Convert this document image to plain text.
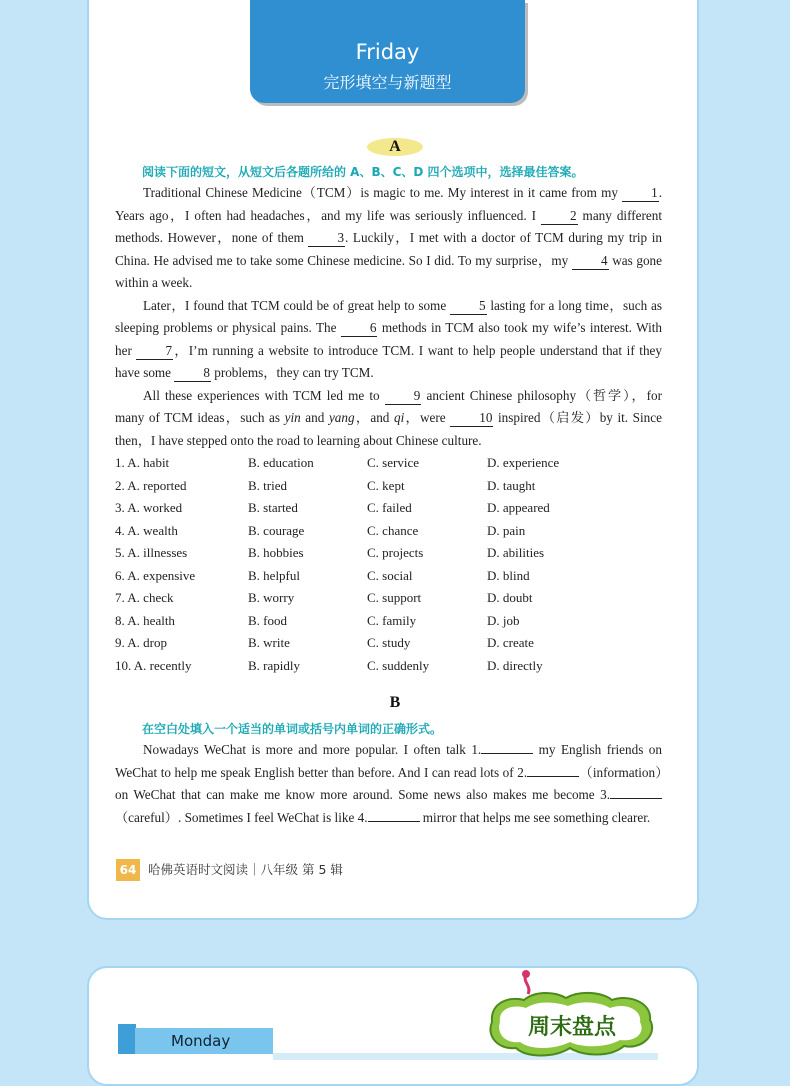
Friday
完形填空与新题型
A
阅读下面的短文，从短文后各题所给的 A、B、C、D 四个选项中，选择最佳答案。

Traditional Chinese Medicine（TCM）is magic to me. My interest in it came from my 1. Years ago，I often had headaches，and my life was seriously influenced. I 2 many different methods. However，none of them 3. Luckily，I met with a doctor of TCM during my trip in China. He advised me to take some Chinese medicine. So I did. To my surprise，my 4 was gone within a week.

Later，I found that TCM could be of great help to some 5 lasting for a long time，such as sleeping problems or physical pains. The 6 methods in TCM also took my wife’s interest. With her 7，I’m running a website to introduce TCM. I want to help people understand that if they have some 8 problems，they can try TCM.

All these experiences with TCM led me to 9 ancient Chinese philosophy（哲学），for many of TCM ideas，such as yin and yang，and qi，were 10 inspired（启发）by it. Since then，I have stepped onto the road to learning about Chinese culture.

1. A. habit	B. education	C. service	D. experience
2. A. reported	B. tried	C. kept	D. taught
3. A. worked	B. started	C. failed	D. appeared
4. A. wealth	B. courage	C. chance	D. pain
5. A. illnesses	B. hobbies	C. projects	D. abilities
6. A. expensive	B. helpful	C. social	D. blind
7. A. check	B. worry	C. support	D. doubt
8. A. health	B. food	C. family	D. job
9. A. drop	B. write	C. study	D. create
10. A. recently	B. rapidly	C. suddenly	D. directly
B
在空白处填入一个适当的单词或括号内单词的正确形式。

Nowadays WeChat is more and more popular. I often talk 1.	my English friends on WeChat to help me speak English better than before. And I can read lots of 2.	（information）on WeChat that can make me know more around. Some news also makes me become 3.（careful）. Sometimes I feel WeChat is like 4.	mirror that helps me see something clearer.

64 哈佛英语时文阅读｜八年级 第 5 辑
Monday
周末盘点
